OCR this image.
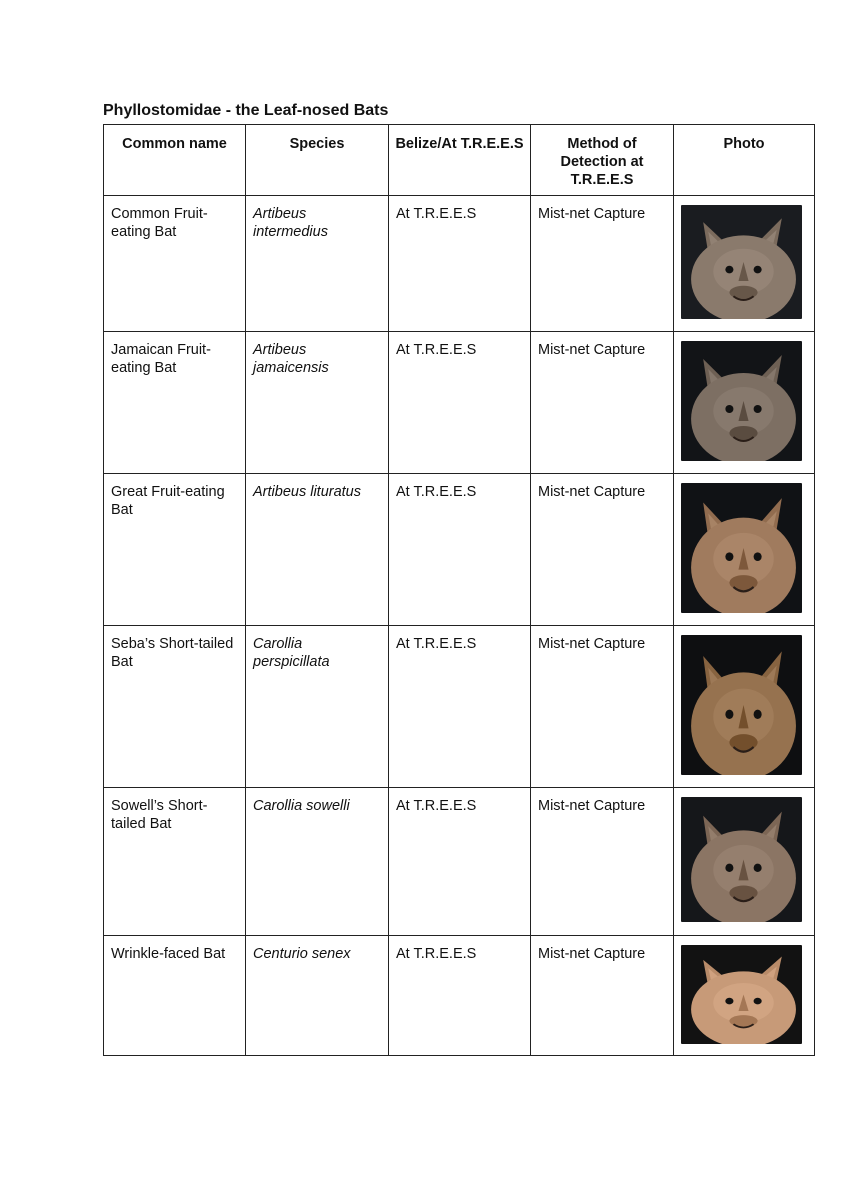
Phyllostomidae - the Leaf-nosed Bats
Common name	Species	Belize/At T.R.E.E.S	Method of Detection at T.R.E.E.S	Photo
Common Fruit-eating Bat	Artibeus intermedius	At T.R.E.E.S	Mist-net Capture	

Jamaican Fruit-eating Bat	Artibeus jamaicensis	At T.R.E.E.S	Mist-net Capture	

Great Fruit-eating Bat	Artibeus lituratus	At T.R.E.E.S	Mist-net Capture	

Seba’s Short-tailed Bat	Carollia perspicillata	At T.R.E.E.S	Mist-net Capture	

Sowell’s Short-tailed Bat	Carollia sowelli	At T.R.E.E.S	Mist-net Capture	

Wrinkle-faced Bat	Centurio senex	At T.R.E.E.S	Mist-net Capture	
